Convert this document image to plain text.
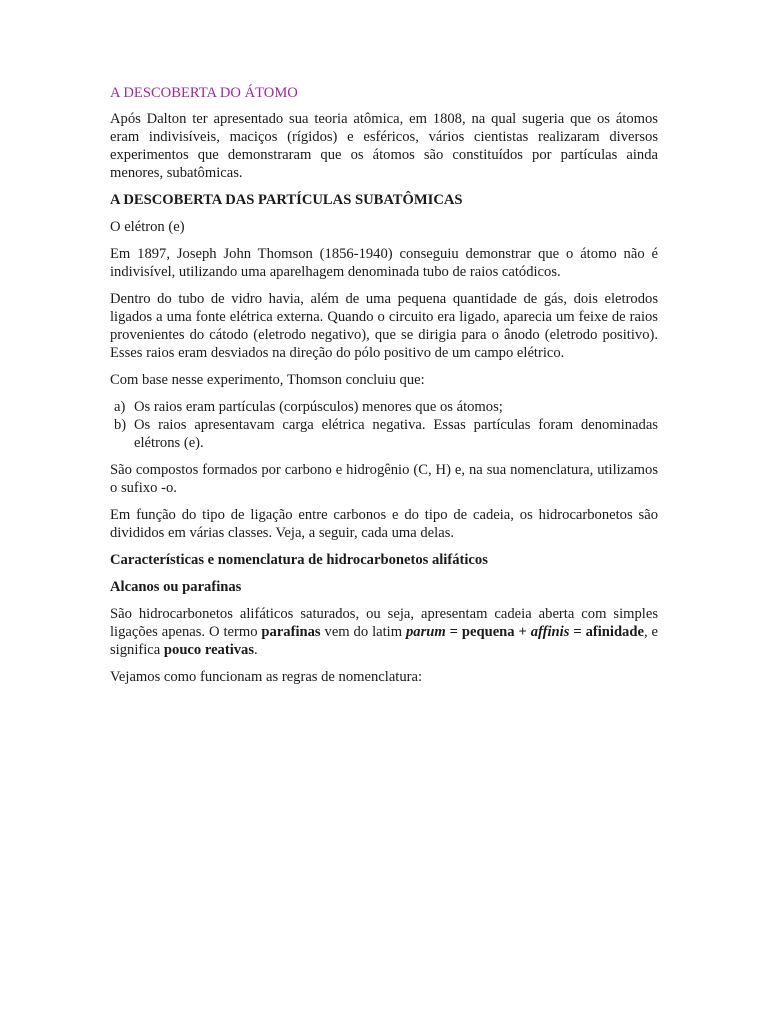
A DESCOBERTA DO ÁTOMO

Após Dalton ter apresentado sua teoria atômica, em 1808, na qual sugeria que os átomos eram indivisíveis, maciços (rígidos) e esféricos, vários cientistas realizaram diversos experimentos que demonstraram que os átomos são constituídos por partículas ainda menores, subatômicas.

A DESCOBERTA DAS PARTÍCULAS SUBATÔMICAS

O elétron (e)

Em 1897, Joseph John Thomson (1856-1940) conseguiu demonstrar que o átomo não é indivisível, utilizando uma aparelhagem denominada tubo de raios catódicos.

Dentro do tubo de vidro havia, além de uma pequena quantidade de gás, dois eletrodos ligados a uma fonte elétrica externa. Quando o circuito era ligado, aparecia um feixe de raios provenientes do cátodo (eletrodo negativo), que se dirigia para o ânodo (eletrodo positivo). Esses raios eram desviados na direção do pólo positivo de um campo elétrico.

Com base nesse experimento, Thomson concluiu que:

a) Os raios eram partículas (corpúsculos) menores que os átomos;
b) Os raios apresentavam carga elétrica negativa. Essas partículas foram denominadas elétrons (e).

São compostos formados por carbono e hidrogênio (C, H) e, na sua nomenclatura, utilizamos o sufixo -o.

Em função do tipo de ligação entre carbonos e do tipo de cadeia, os hidrocarbonetos são divididos em várias classes. Veja, a seguir, cada uma delas.

Características e nomenclatura de hidrocarbonetos alifáticos

Alcanos ou parafinas

São hidrocarbonetos alifáticos saturados, ou seja, apresentam cadeia aberta com simples ligações apenas. O termo parafinas vem do latim parum = pequena + affinis = afinidade, e significa pouco reativas.

Vejamos como funcionam as regras de nomenclatura:
